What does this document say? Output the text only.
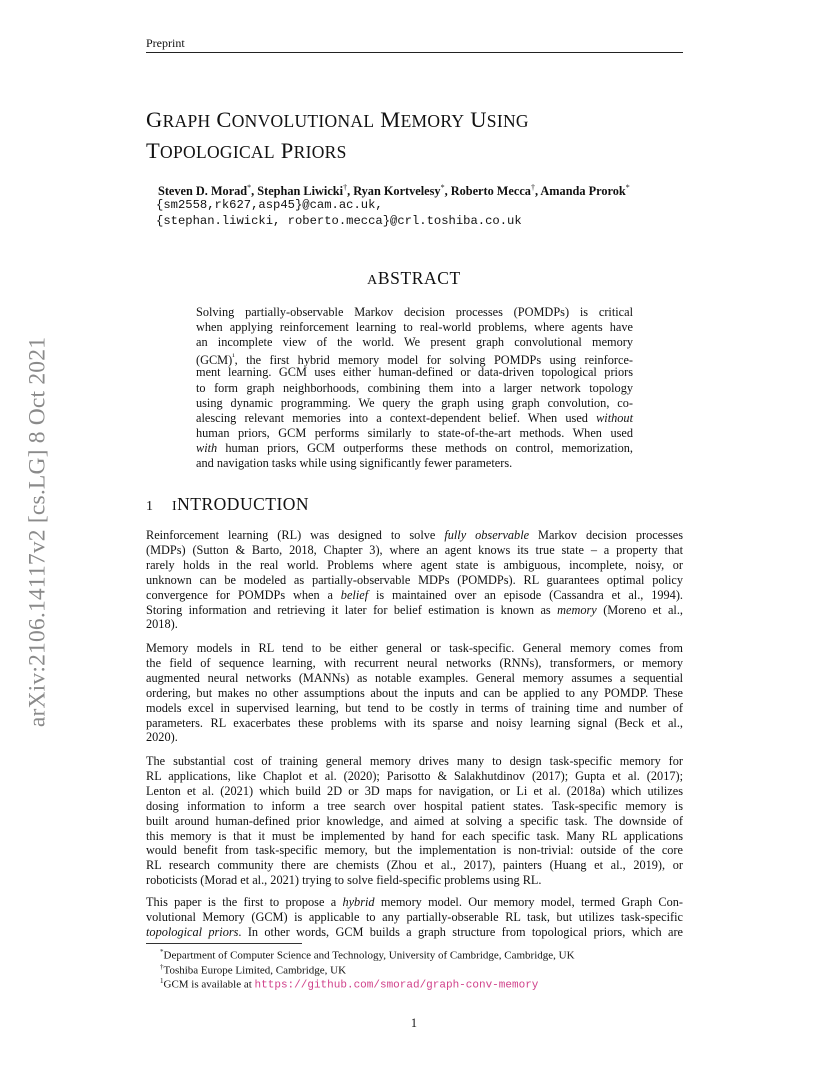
Preprint
arXiv:2106.14117v2 [cs.LG] 8 Oct 2021
GRAPH CONVOLUTIONAL MEMORY USING
TOPOLOGICAL PRIORS
Steven D. Morad*, Stephan Liwicki†, Ryan Kortvelesy*, Roberto Mecca†, Amanda Prorok*
{sm2558,rk627,asp45}@cam.ac.uk,
{stephan.liwicki, roberto.mecca}@crl.toshiba.co.uk
ABSTRACT
Solving partially-observable Markov decision processes (POMDPs) is critical
when applying reinforcement learning to real-world problems, where agents have
an incomplete view of the world. We present graph convolutional memory
(GCM)$^{^1}$, the first hybrid memory model for solving POMDPs using reinforce-
ment learning. GCM uses either human-defined or data-driven topological priors
to form graph neighborhoods, combining them into a larger network topology
using dynamic programming. We query the graph using graph convolution, co-
alescing relevant memories into a context-dependent belief. When used without
human priors, GCM performs similarly to state-of-the-art methods. When used
with human priors, GCM outperforms these methods on control, memorization,
and navigation tasks while using significantly fewer parameters.
1 INTRODUCTION
Reinforcement learning (RL) was designed to solve fully observable Markov decision processes
(MDPs) (Sutton & Barto, 2018, Chapter 3), where an agent knows its true state – a property that
rarely holds in the real world. Problems where agent state is ambiguous, incomplete, noisy, or
unknown can be modeled as partially-observable MDPs (POMDPs). RL guarantees optimal policy
convergence for POMDPs when a belief is maintained over an episode (Cassandra et al., 1994).
Storing information and retrieving it later for belief estimation is known as memory (Moreno et al.,
2018).
Memory models in RL tend to be either general or task-specific. General memory comes from
the field of sequence learning, with recurrent neural networks (RNNs), transformers, or memory
augmented neural networks (MANNs) as notable examples. General memory assumes a sequential
ordering, but makes no other assumptions about the inputs and can be applied to any POMDP. These
models excel in supervised learning, but tend to be costly in terms of training time and number of
parameters. RL exacerbates these problems with its sparse and noisy learning signal (Beck et al.,
2020).
The substantial cost of training general memory drives many to design task-specific memory for
RL applications, like Chaplot et al. (2020); Parisotto & Salakhutdinov (2017); Gupta et al. (2017);
Lenton et al. (2021) which build 2D or 3D maps for navigation, or Li et al. (2018a) which utilizes
dosing information to inform a tree search over hospital patient states. Task-specific memory is
built around human-defined prior knowledge, and aimed at solving a specific task. The downside of
this memory is that it must be implemented by hand for each specific task. Many RL applications
would benefit from task-specific memory, but the implementation is non-trivial: outside of the core
RL research community there are chemists (Zhou et al., 2017), painters (Huang et al., 2019), or
roboticists (Morad et al., 2021) trying to solve field-specific problems using RL.
This paper is the first to propose a hybrid memory model. Our memory model, termed Graph Con-
volutional Memory (GCM) is applicable to any partially-obserable RL task, but utilizes task-specific
topological priors. In other words, GCM builds a graph structure from topological priors, which are
*Department of Computer Science and Technology, University of Cambridge, Cambridge, UK
†Toshiba Europe Limited, Cambridge, UK
$^1$GCM is available at https://github.com/smorad/graph-conv-memory
1
